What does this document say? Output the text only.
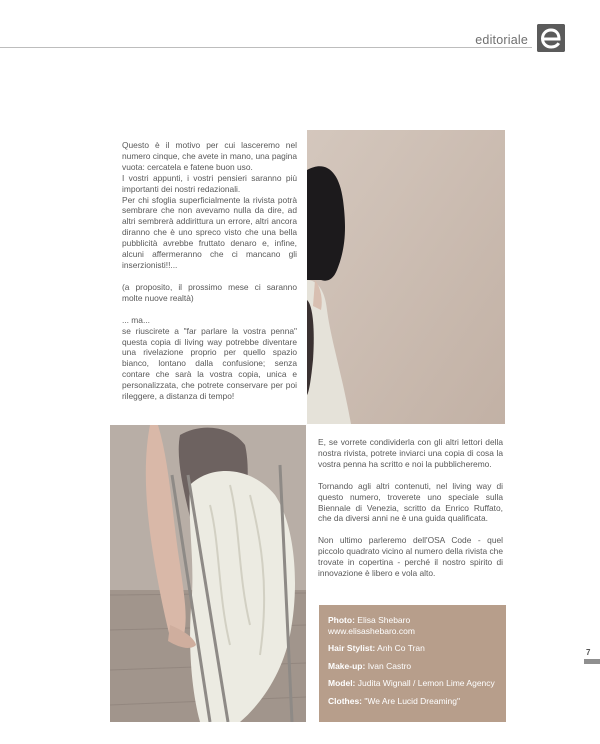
editoriale

Questo è il motivo per cui lasceremo nel numero cinque, che avete in mano, una pagina vuota: cercatela e fatene buon uso.

I vostri appunti, i vostri pensieri saranno più importanti dei nostri redazionali.

Per chi sfoglia superficialmente la rivista potrà sembrare che non avevamo nulla da dire, ad altri sembrerà addirittura un errore, altri ancora diranno che è uno spreco visto che una bella pubblicità avrebbe fruttato denaro e, infine, alcuni affermeranno che ci mancano gli inserzionisti!!...

(a proposito, il prossimo mese ci saranno molte nuove realtà)

... ma...

se riuscirete a "far parlare la vostra penna" questa copia di living way potrebbe diventare una rivelazione proprio per quello spazio bianco, lontano dalla confusione; senza contare che sarà la vostra copia, unica e personalizzata, che potrete conservare per poi rileggere, a distanza di tempo!

E, se vorrete condividerla con gli altri lettori della nostra rivista, potrete inviarci una copia di cosa la vostra penna ha scritto e noi la pubblicheremo.

Tornando agli altri contenuti, nel living way di questo numero, troverete uno speciale sulla Biennale di Venezia, scritto da Enrico Ruffato, che da diversi anni ne è una guida qualificata.

Non ultimo parleremo dell'OSA Code - quel piccolo quadrato vicino al numero della rivista che trovate in copertina - perché il nostro spirito di innovazione è libero e vola alto.

Photo: Elisa Shebaro
www.elisashebaro.com
Hair Stylist: Anh Co Tran
Make-up: Ivan Castro
Model: Judita Wignall / Lemon Lime Agency
Clothes: "We Are Lucid Dreaming"
7
